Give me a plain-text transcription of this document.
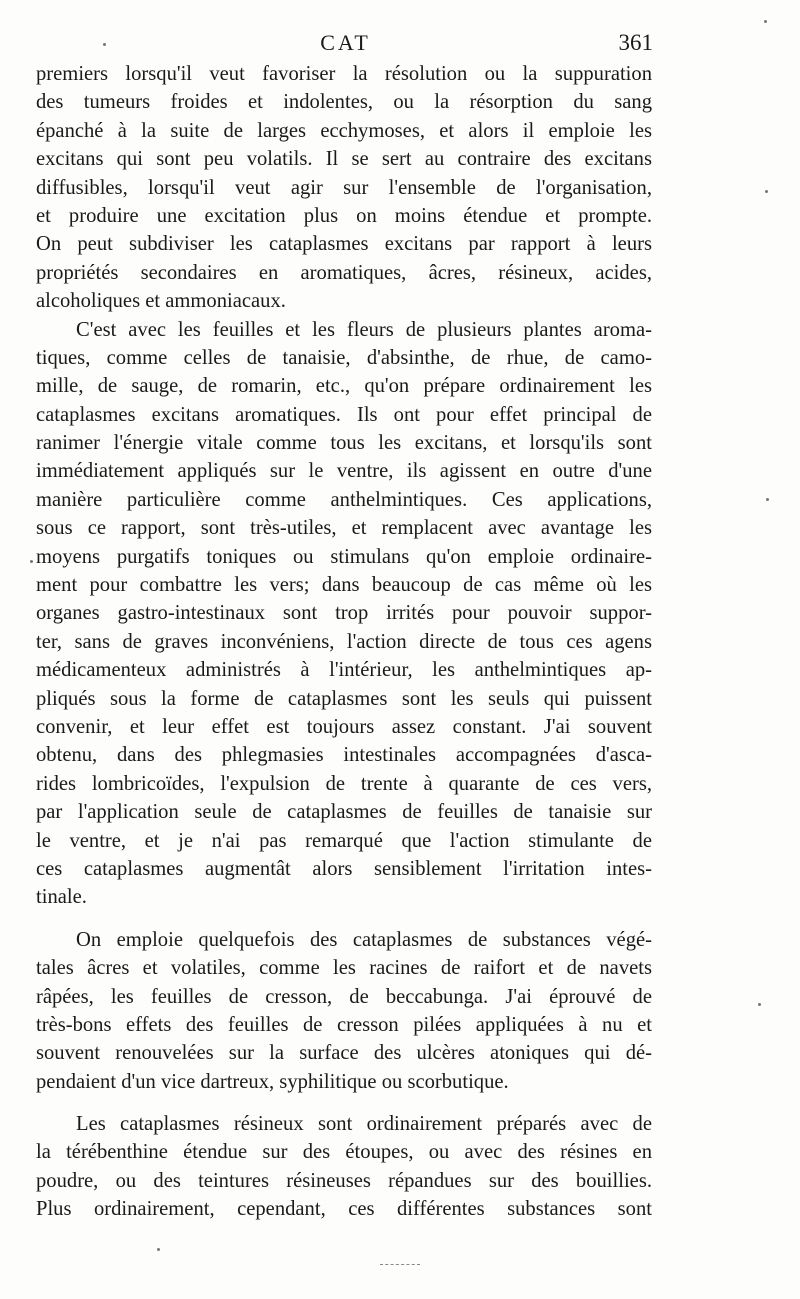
CAT	361
premiers lorsqu'il veut favoriser la résolution ou la suppuration
des tumeurs froides et indolentes, ou la résorption du sang
épanché à la suite de larges ecchymoses, et alors il emploie les
excitans qui sont peu volatils. Il se sert au contraire des excitans
diffusibles, lorsqu'il veut agir sur l'ensemble de l'organisation,
et produire une excitation plus on moins étendue et prompte.
On peut subdiviser les cataplasmes excitans par rapport à leurs
propriétés secondaires en aromatiques, âcres, résineux, acides,
alcoholiques et ammoniacaux.
C'est avec les feuilles et les fleurs de plusieurs plantes aroma-
tiques, comme celles de tanaisie, d'absinthe, de rhue, de camo-
mille, de sauge, de romarin, etc., qu'on prépare ordinairement les
cataplasmes excitans aromatiques. Ils ont pour effet principal de
ranimer l'énergie vitale comme tous les excitans, et lorsqu'ils sont
immédiatement appliqués sur le ventre, ils agissent en outre d'une
manière particulière comme anthelmintiques. Ces applications,
sous ce rapport, sont très-utiles, et remplacent avec avantage les
moyens purgatifs toniques ou stimulans qu'on emploie ordinaire-
ment pour combattre les vers; dans beaucoup de cas même où les
organes gastro-intestinaux sont trop irrités pour pouvoir suppor-
ter, sans de graves inconvéniens, l'action directe de tous ces agens
médicamenteux administrés à l'intérieur, les anthelmintiques ap-
pliqués sous la forme de cataplasmes sont les seuls qui puissent
convenir, et leur effet est toujours assez constant. J'ai souvent
obtenu, dans des phlegmasies intestinales accompagnées d'asca-
rides lombricoïdes, l'expulsion de trente à quarante de ces vers,
par l'application seule de cataplasmes de feuilles de tanaisie sur
le ventre, et je n'ai pas remarqué que l'action stimulante de
ces cataplasmes augmentât alors sensiblement l'irritation intes-
tinale.
On emploie quelquefois des cataplasmes de substances végé-
tales âcres et volatiles, comme les racines de raifort et de navets
râpées, les feuilles de cresson, de beccabunga. J'ai éprouvé de
très-bons effets des feuilles de cresson pilées appliquées à nu et
souvent renouvelées sur la surface des ulcères atoniques qui dé-
pendaient d'un vice dartreux, syphilitique ou scorbutique.
Les cataplasmes résineux sont ordinairement préparés avec de
la térébenthine étendue sur des étoupes, ou avec des résines en
poudre, ou des teintures résineuses répandues sur des bouillies.
Plus ordinairement, cependant, ces différentes substances sont
